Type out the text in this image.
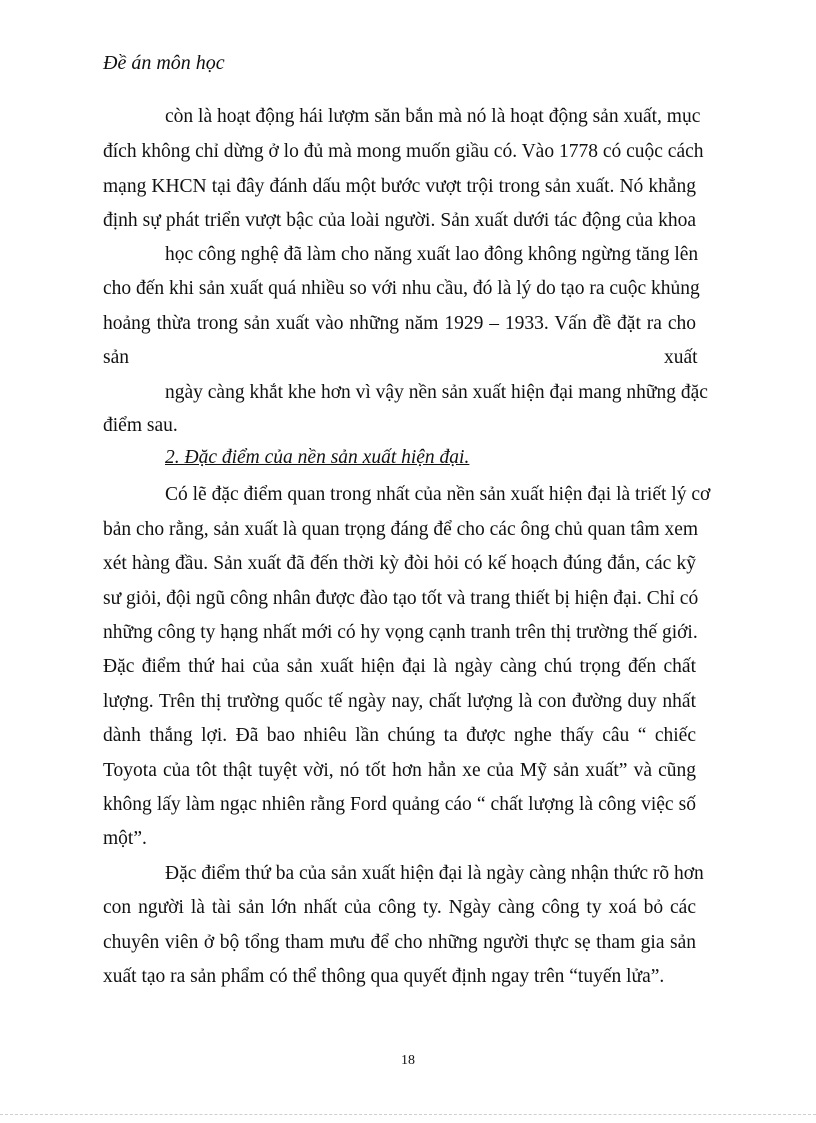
Đề án môn học
còn là hoạt động hái lượm săn bắn mà nó là hoạt động sản xuất, mục
đích không chỉ dừng ở lo đủ mà mong muốn giầu có. Vào 1778 có cuộc cách
mạng KHCN tại đây đánh dấu một bước vượt trội trong sản xuất. Nó khẳng
định sự phát triển vượt bậc của loài người. Sản xuất dưới tác động của khoa
học công nghệ đã làm cho năng xuất lao đông không ngừng tăng lên
cho đến khi sản xuất quá nhiều so với nhu cầu, đó là lý do tạo ra cuộc khủng
hoảng thừa trong sản xuất vào những năm 1929 – 1933. Vấn đề đặt ra cho
sản	xuất
ngày càng khắt khe hơn vì vậy nền sản xuất hiện đại mang những đặc
điểm sau.
2. Đặc điểm của nền sản xuất hiện đại.
Có lẽ đặc điểm quan trong nhất của nền sản xuất hiện đại là triết lý cơ
bản cho rằng, sản xuất là quan trọng đáng để cho các ông chủ quan tâm xem
xét hàng đầu. Sản xuất đã đến thời kỳ đòi hỏi có kế hoạch đúng đắn, các kỹ
sư giỏi, đội ngũ công nhân được đào tạo tốt và trang thiết bị hiện đại. Chỉ có
những công ty hạng nhất mới có hy vọng cạnh tranh trên thị trường thế giới.
Đặc điểm thứ hai của sản xuất hiện đại là ngày càng chú trọng đến chất
lượng. Trên thị trường quốc tế ngày nay, chất lượng là con đường duy nhất
dành thắng lợi. Đã bao nhiêu lần chúng ta được nghe thấy câu “ chiếc
Toyota của tôt thật tuyệt vời, nó tốt hơn hẳn xe của Mỹ sản xuất” và cũng
không lấy làm ngạc nhiên rằng Ford quảng cáo “ chất lượng là công việc số
một”.
Đặc điểm thứ ba của sản xuất hiện đại là ngày càng nhận thức rõ hơn
con người là tài sản lớn nhất của công ty. Ngày càng công ty xoá bỏ các
chuyên viên ở bộ tổng tham mưu để cho những người thực sẹ tham gia sản
xuất tạo ra sản phẩm có thể thông qua quyết định ngay trên “tuyến lửa”.
18
